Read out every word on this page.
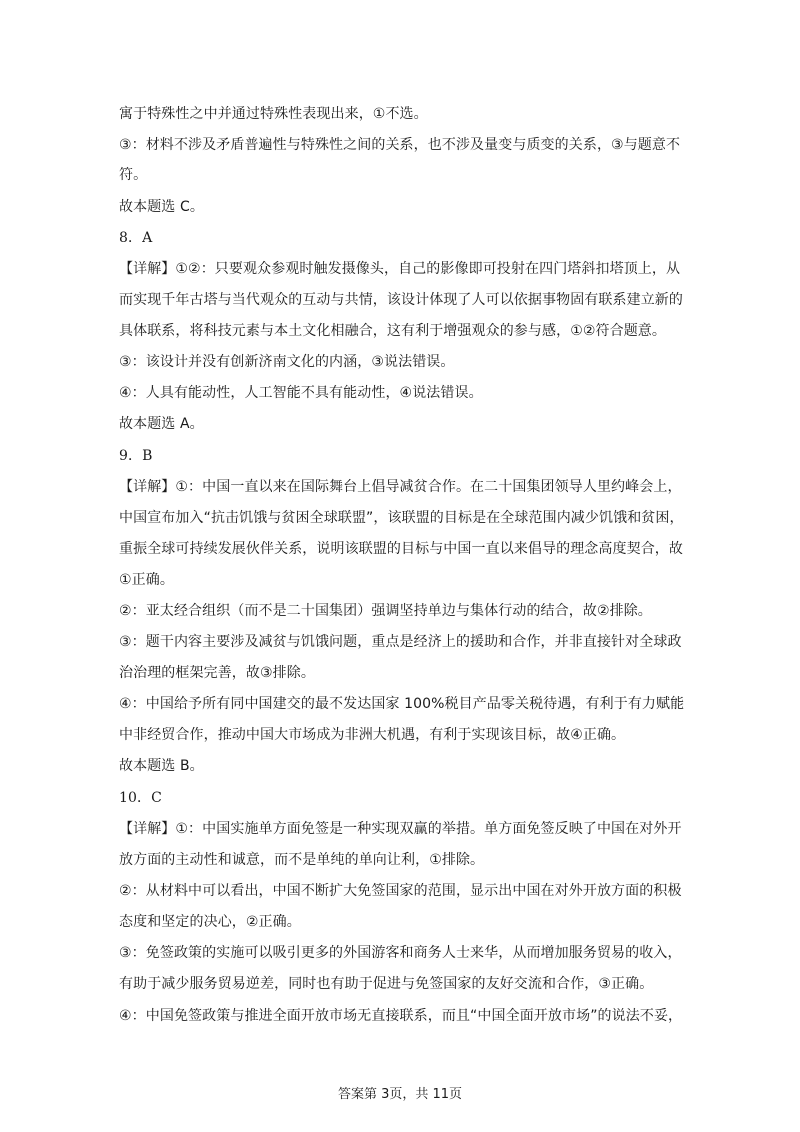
寓于特殊性之中并通过特殊性表现出来，①不选。
③：材料不涉及矛盾普遍性与特殊性之间的关系，也不涉及量变与质变的关系，③与题意不
符。
故本题选 C。
8．A
【详解】①②：只要观众参观时触发摄像头，自己的影像即可投射在四门塔斜扣塔顶上，从
而实现千年古塔与当代观众的互动与共情，该设计体现了人可以依据事物固有联系建立新的
具体联系，将科技元素与本土文化相融合，这有利于增强观众的参与感，①②符合题意。
③：该设计并没有创新济南文化的内涵，③说法错误。
④：人具有能动性，人工智能不具有能动性，④说法错误。
故本题选 A。
9．B
【详解】①：中国一直以来在国际舞台上倡导减贫合作。在二十国集团领导人里约峰会上，
中国宣布加入“抗击饥饿与贫困全球联盟”，该联盟的目标是在全球范围内减少饥饿和贫困，
重振全球可持续发展伙伴关系，说明该联盟的目标与中国一直以来倡导的理念高度契合，故
①正确。
②：亚太经合组织（而不是二十国集团）强调坚持单边与集体行动的结合，故②排除。
③：题干内容主要涉及减贫与饥饿问题，重点是经济上的援助和合作，并非直接针对全球政
治治理的框架完善，故③排除。
④：中国给予所有同中国建交的最不发达国家 100%税目产品零关税待遇，有利于有力赋能
中非经贸合作，推动中国大市场成为非洲大机遇，有利于实现该目标，故④正确。
故本题选 B。
10．C
【详解】①：中国实施单方面免签是一种实现双赢的举措。单方面免签反映了中国在对外开
放方面的主动性和诚意，而不是单纯的单向让利，①排除。
②：从材料中可以看出，中国不断扩大免签国家的范围，显示出中国在对外开放方面的积极
态度和坚定的决心，②正确。
③：免签政策的实施可以吸引更多的外国游客和商务人士来华，从而增加服务贸易的收入，
有助于减少服务贸易逆差，同时也有助于促进与免签国家的友好交流和合作，③正确。
④：中国免签政策与推进全面开放市场无直接联系，而且“中国全面开放市场”的说法不妥，
答案第 3页，共 11页
